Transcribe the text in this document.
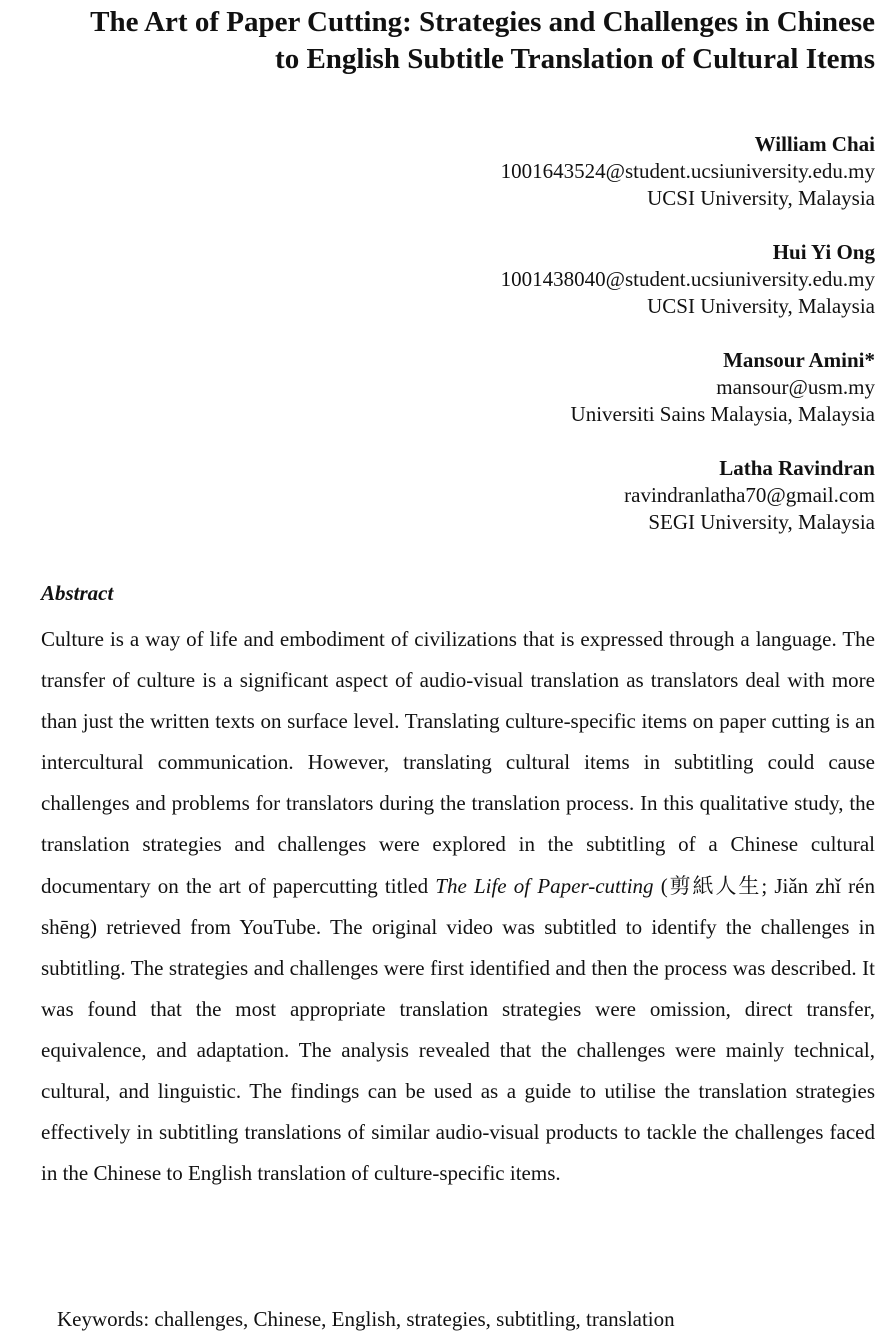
The Art of Paper Cutting: Strategies and Challenges in Chinese
to English Subtitle Translation of Cultural Items
William Chai
1001643524@student.ucsiuniversity.edu.my
UCSI University, Malaysia
Hui Yi Ong
1001438040@student.ucsiuniversity.edu.my
UCSI University, Malaysia
Mansour Amini*
mansour@usm.my
Universiti Sains Malaysia, Malaysia
Latha Ravindran
ravindranlatha70@gmail.com
SEGI University, Malaysia
Abstract

Culture is a way of life and embodiment of civilizations that is expressed through a language. The transfer of culture is a significant aspect of audio-visual translation as translators deal with more than just the written texts on surface level. Translating culture-specific items on paper cutting is an intercultural communication. However, translating cultural items in subtitling could cause challenges and problems for translators during the translation process. In this qualitative study, the translation strategies and challenges were explored in the subtitling of a Chinese cultural documentary on the art of papercutting titled The Life of Paper-cutting (剪紙人生; Jiǎn zhǐ rén shēng) retrieved from YouTube. The original video was subtitled to identify the challenges in subtitling. The strategies and challenges were first identified and then the process was described. It was found that the most appropriate translation strategies were omission, direct transfer, equivalence, and adaptation. The analysis revealed that the challenges were mainly technical, cultural, and linguistic. The findings can be used as a guide to utilise the translation strategies effectively in subtitling translations of similar audio-visual products to tackle the challenges faced in the Chinese to English translation of culture-specific items.

Keywords: challenges, Chinese, English, strategies, subtitling, translation
